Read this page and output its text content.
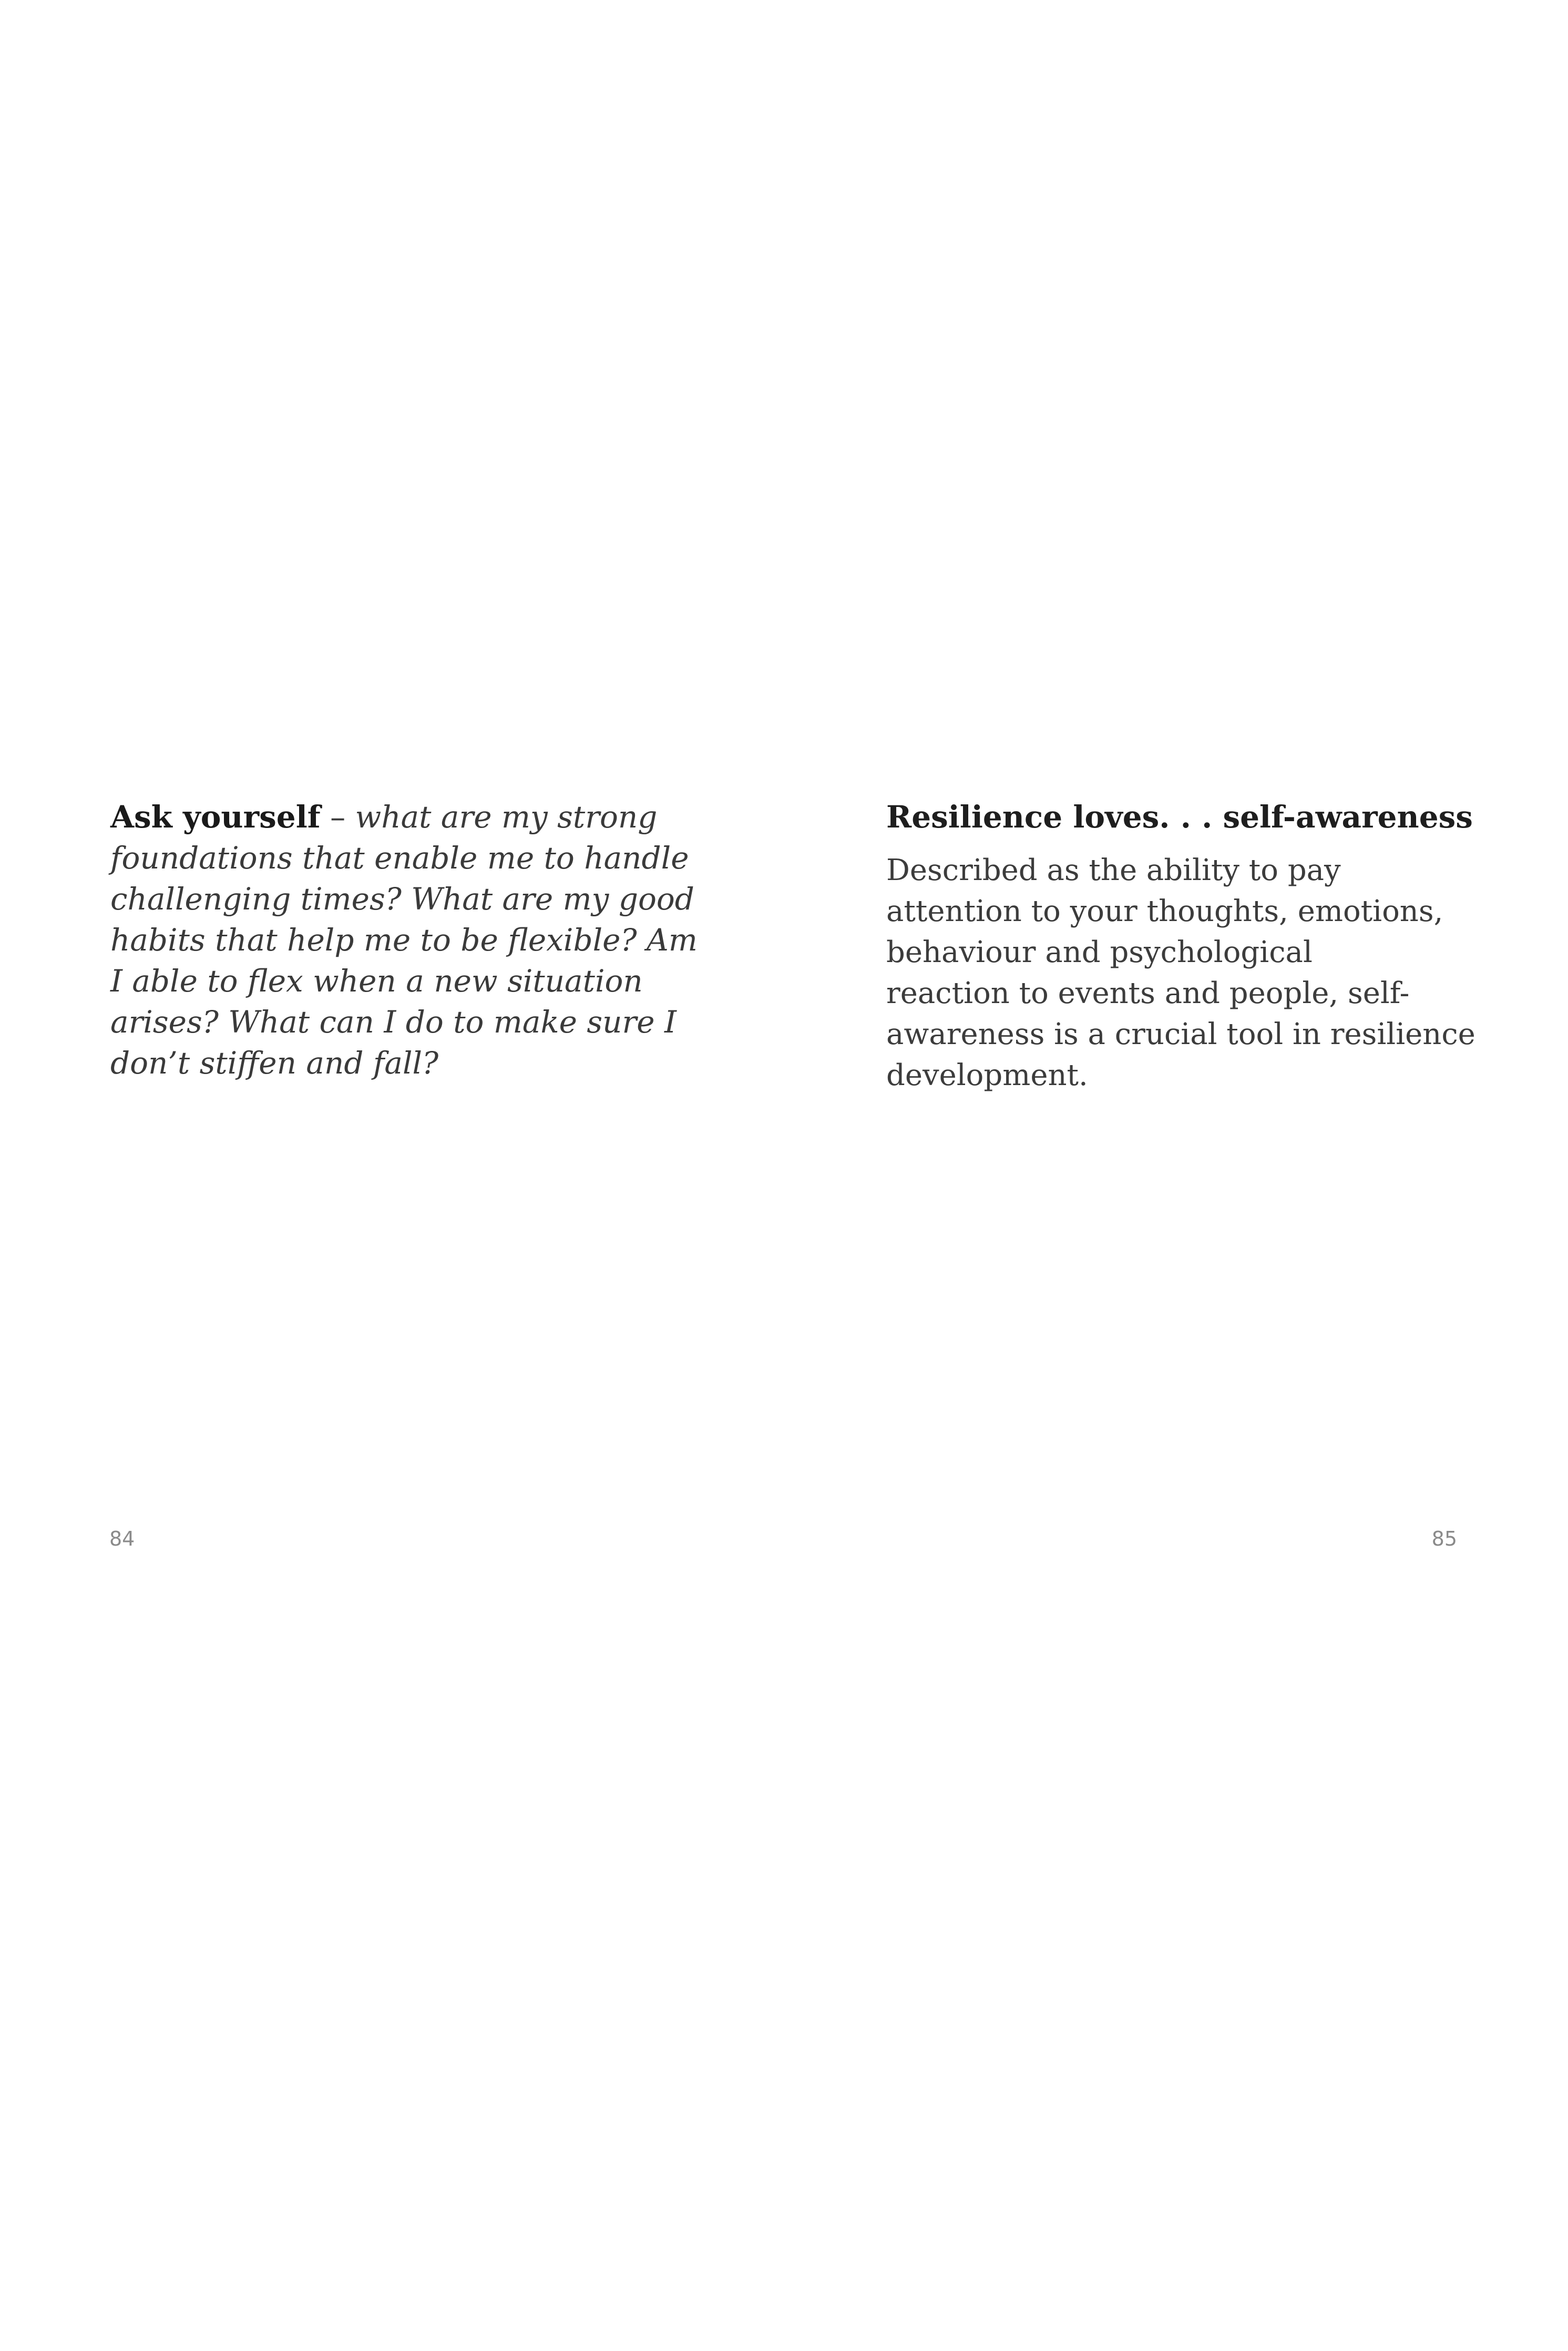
Ask yourself – what are my strong
foundations that enable me to handle
challenging times? What are my good
habits that help me to be flexible? Am
I able to flex when a new situation
arises? What can I do to make sure I
don’t stiffen and fall?
84
Resilience loves. . . self-awareness
Described as the ability to pay
attention to your thoughts, emotions,
behaviour and psychological
reaction to events and people, self-
awareness is a crucial tool in resilience
development.
85
